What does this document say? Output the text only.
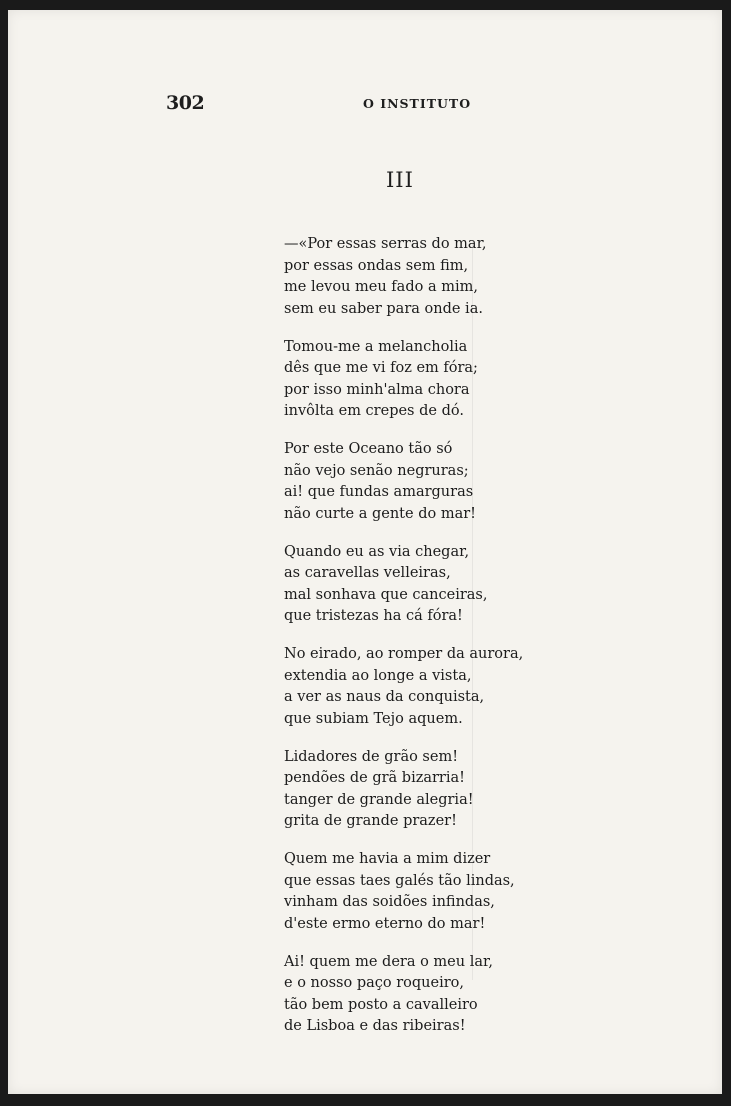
302	O INSTITUTO
III
—«Por essas serras do mar,
por essas ondas sem fim,
me levou meu fado a mim,
sem eu saber para onde ia.
Tomou-me a melancholia
dês que me vi foz em fóra;
por isso minh'alma chora
invôlta em crepes de dó.
Por este Oceano tão só
não vejo senão negruras;
ai! que fundas amarguras
não curte a gente do mar!
Quando eu as via chegar,
as caravellas velleiras,
mal sonhava que canceiras,
que tristezas ha cá fóra!
No eirado, ao romper da aurora,
extendia ao longe a vista,
a ver as naus da conquista,
que subiam Tejo aquem.
Lidadores de grão sem!
pendões de grã bizarria!
tanger de grande alegria!
grita de grande prazer!
Quem me havia a mim dizer
que essas taes galés tão lindas,
vinham das soidões infindas,
d'este ermo eterno do mar!
Ai! quem me dera o meu lar,
e o nosso paço roqueiro,
tão bem posto a cavalleiro
de Lisboa e das ribeiras!
